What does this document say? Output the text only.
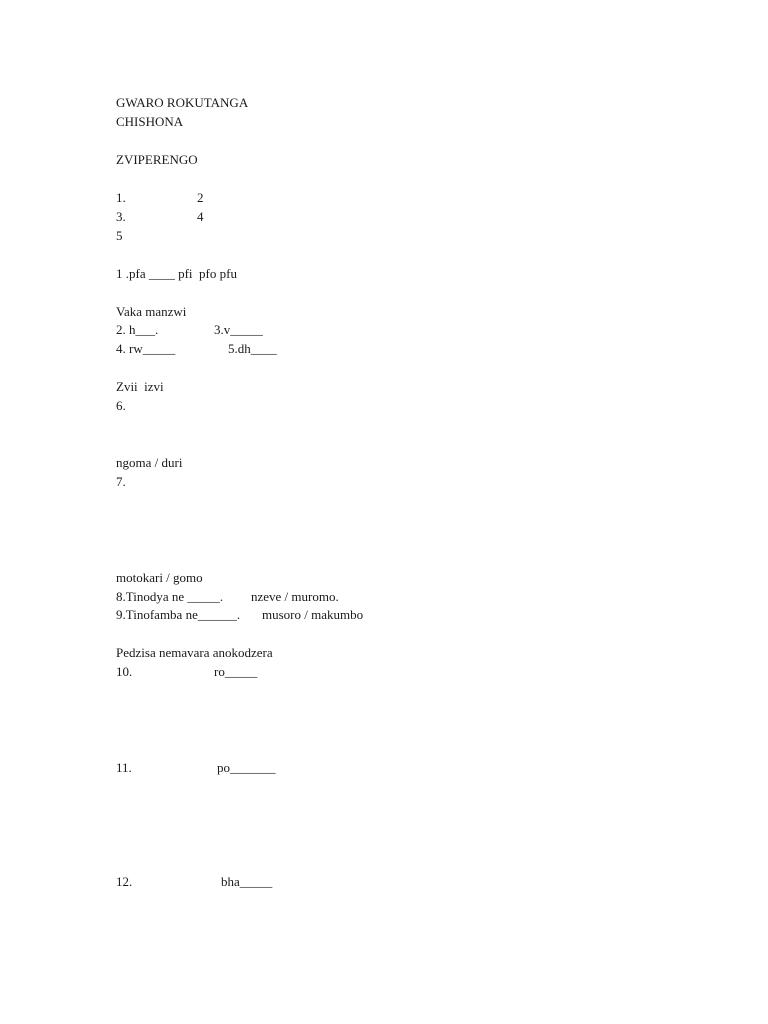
GWARO ROKUTANGA
CHISHONA
ZVIPERENGO
1.	2
3.	4
5
1 .pfa ____ pfi  pfo pfu
Vaka manzwi
2. h___.	3.v_____
4. rw_____	5.dh____
Zvii  izvi
6.
ngoma / duri
7.
motokari / gomo
8.Tinodya ne _____. nzeve / muromo.
9.Tinofamba ne______. musoro / makumbo
Pedzisa nemavara anokodzera
10.	ro_____
11.	po_______
12.	bha_____
